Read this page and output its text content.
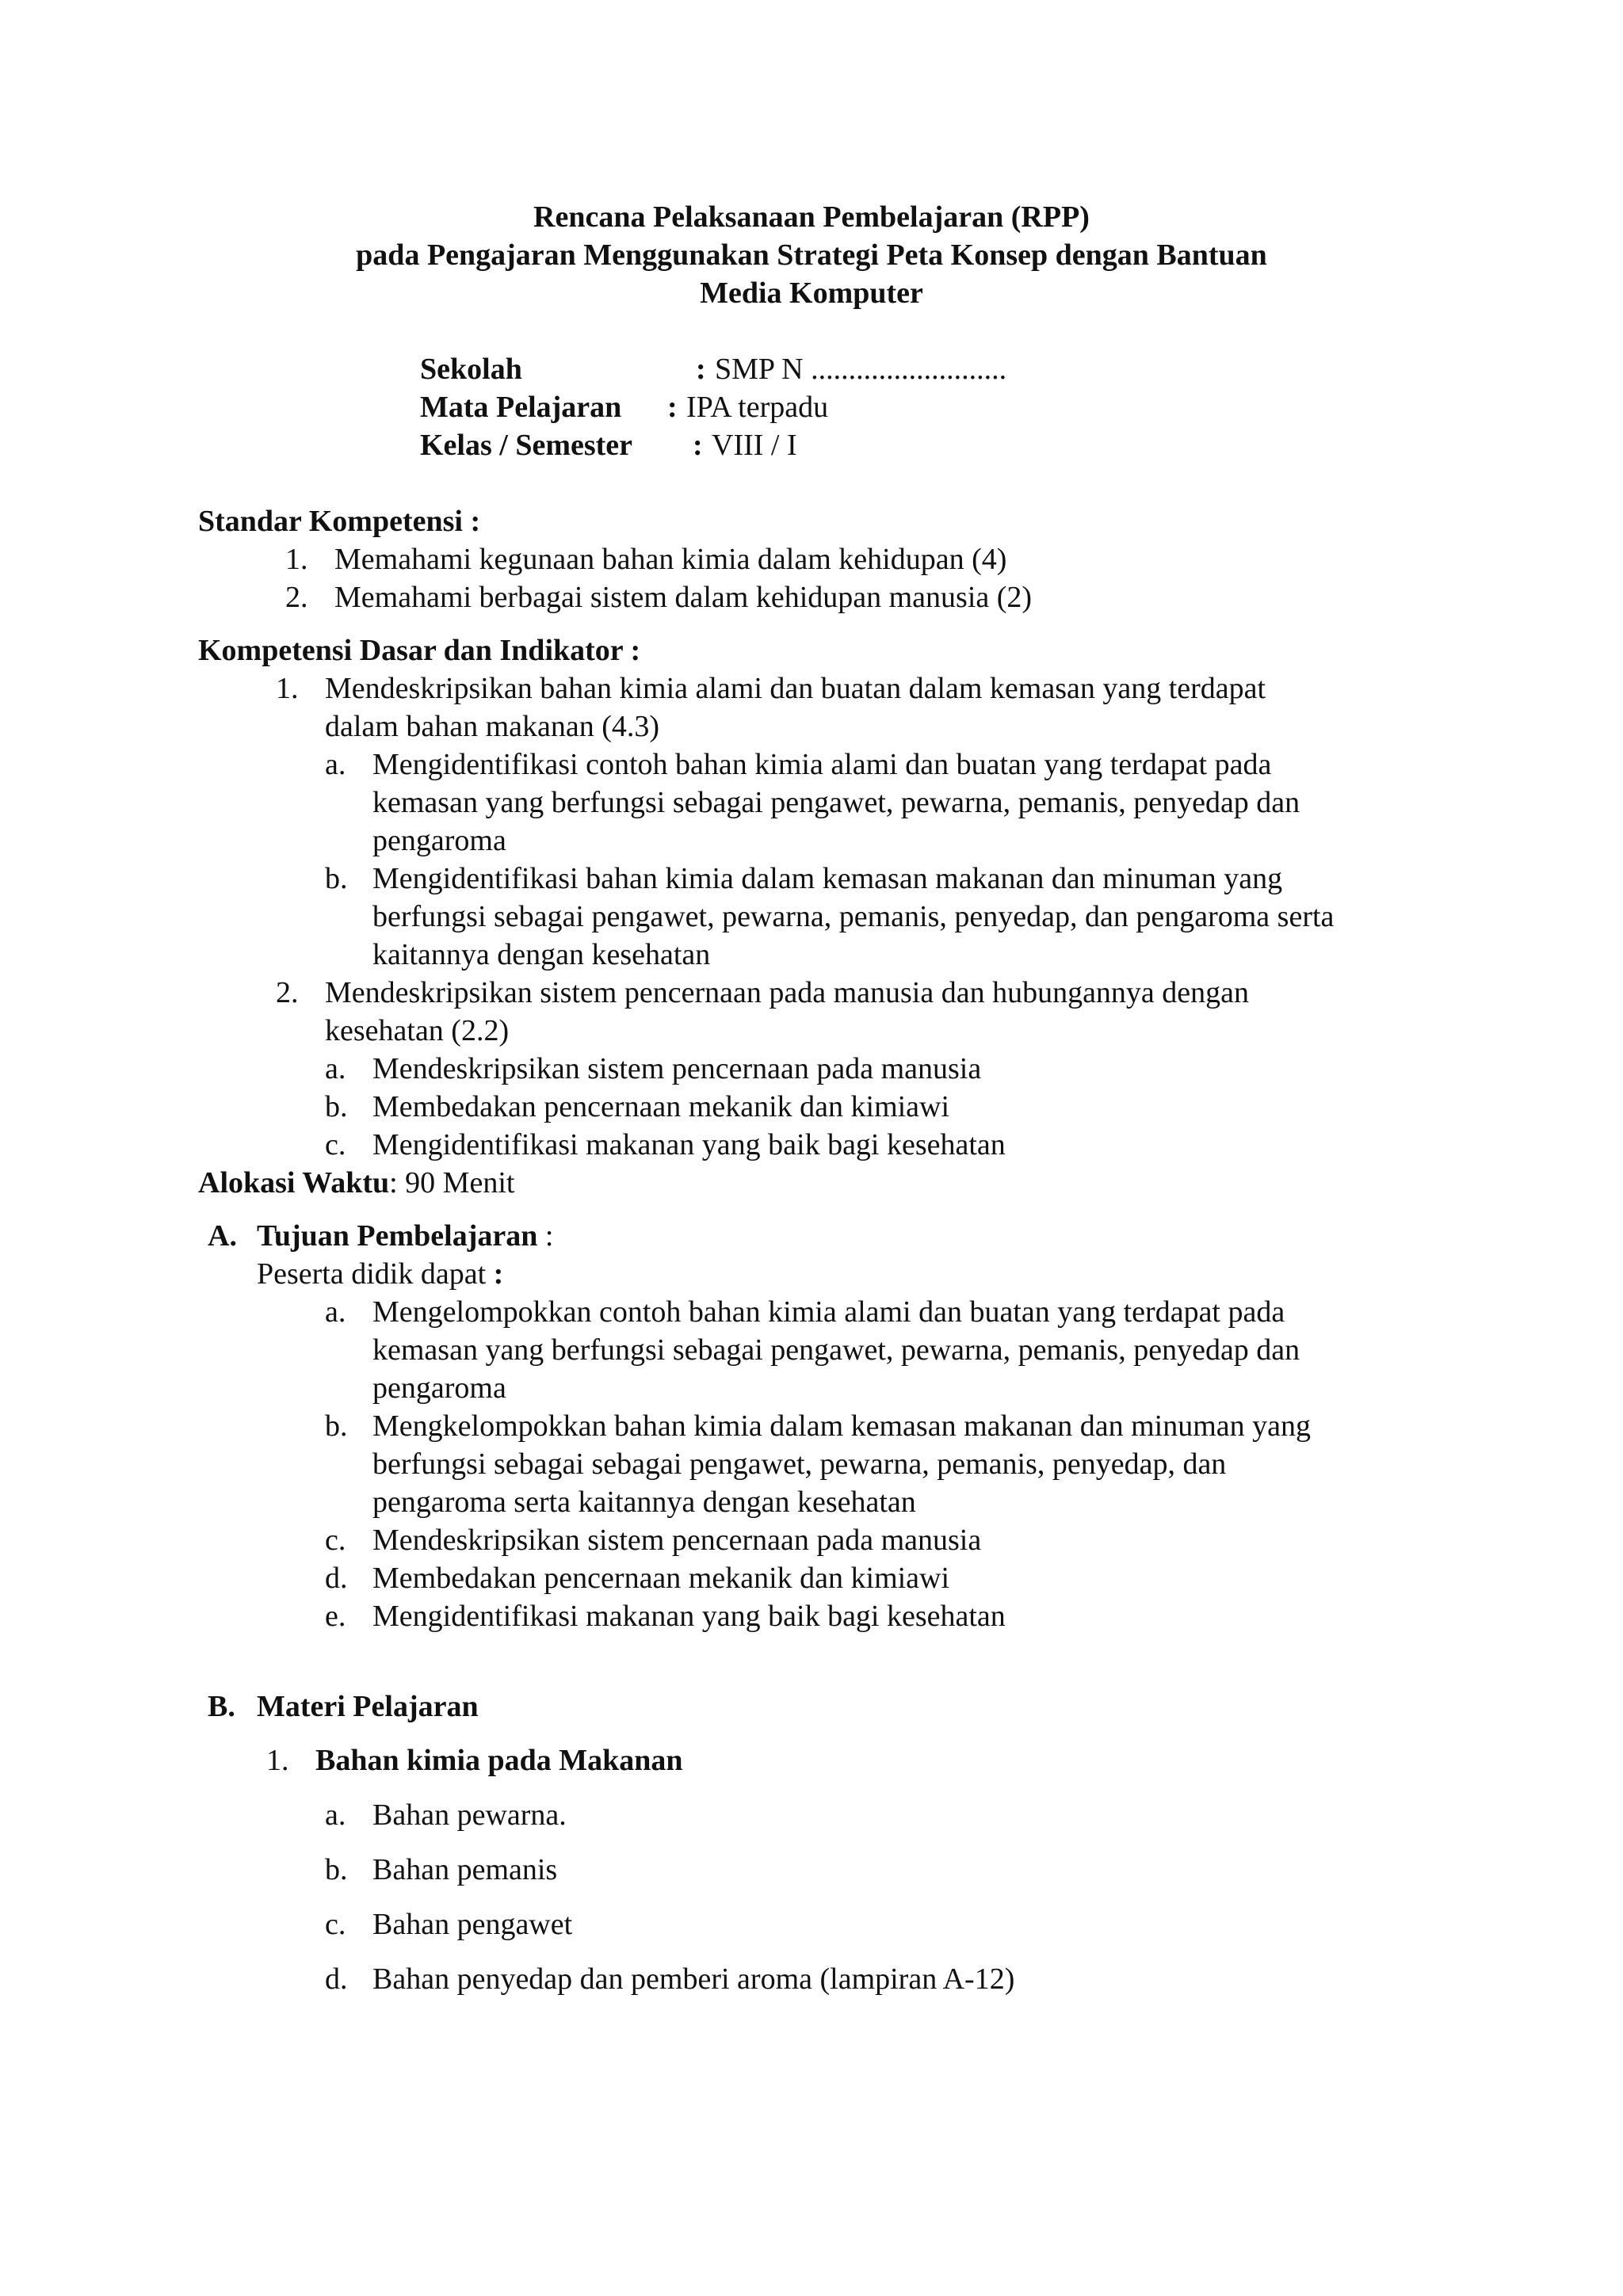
Rencana Pelaksanaan Pembelajaran (RPP)
pada Pengajaran Menggunakan Strategi Peta Konsep dengan Bantuan
Media Komputer
Sekolah	: SMP N ..........................
Mata Pelajaran : IPA terpadu
Kelas / Semester : VIII / I
Standar Kompetensi :
1. Memahami kegunaan bahan kimia dalam kehidupan (4)
2. Memahami berbagai sistem dalam kehidupan manusia (2)
Kompetensi Dasar dan Indikator :
1. Mendeskripsikan bahan kimia alami dan buatan dalam kemasan yang terdapat
dalam bahan makanan (4.3)
a. Mengidentifikasi contoh bahan kimia alami dan buatan yang terdapat pada
kemasan yang berfungsi sebagai pengawet, pewarna, pemanis, penyedap dan
pengaroma
b. Mengidentifikasi bahan kimia dalam kemasan makanan dan minuman yang
berfungsi sebagai pengawet, pewarna, pemanis, penyedap, dan pengaroma serta
kaitannya dengan kesehatan
2. Mendeskripsikan sistem pencernaan pada manusia dan hubungannya dengan
kesehatan (2.2)
a. Mendeskripsikan sistem pencernaan pada manusia
b. Membedakan pencernaan mekanik dan kimiawi
c. Mengidentifikasi makanan yang baik bagi kesehatan
Alokasi Waktu: 90 Menit
A. Tujuan Pembelajaran :
Peserta didik dapat :
a. Mengelompokkan contoh bahan kimia alami dan buatan yang terdapat pada
kemasan yang berfungsi sebagai pengawet, pewarna, pemanis, penyedap dan
pengaroma
b. Mengkelompokkan bahan kimia dalam kemasan makanan dan minuman yang
berfungsi sebagai sebagai pengawet, pewarna, pemanis, penyedap, dan
pengaroma serta kaitannya dengan kesehatan
c. Mendeskripsikan sistem pencernaan pada manusia
d. Membedakan pencernaan mekanik dan kimiawi
e. Mengidentifikasi makanan yang baik bagi kesehatan
B. Materi Pelajaran
1. Bahan kimia pada Makanan
a. Bahan pewarna.
b. Bahan pemanis
c. Bahan pengawet
d. Bahan penyedap dan pemberi aroma (lampiran A-12)
